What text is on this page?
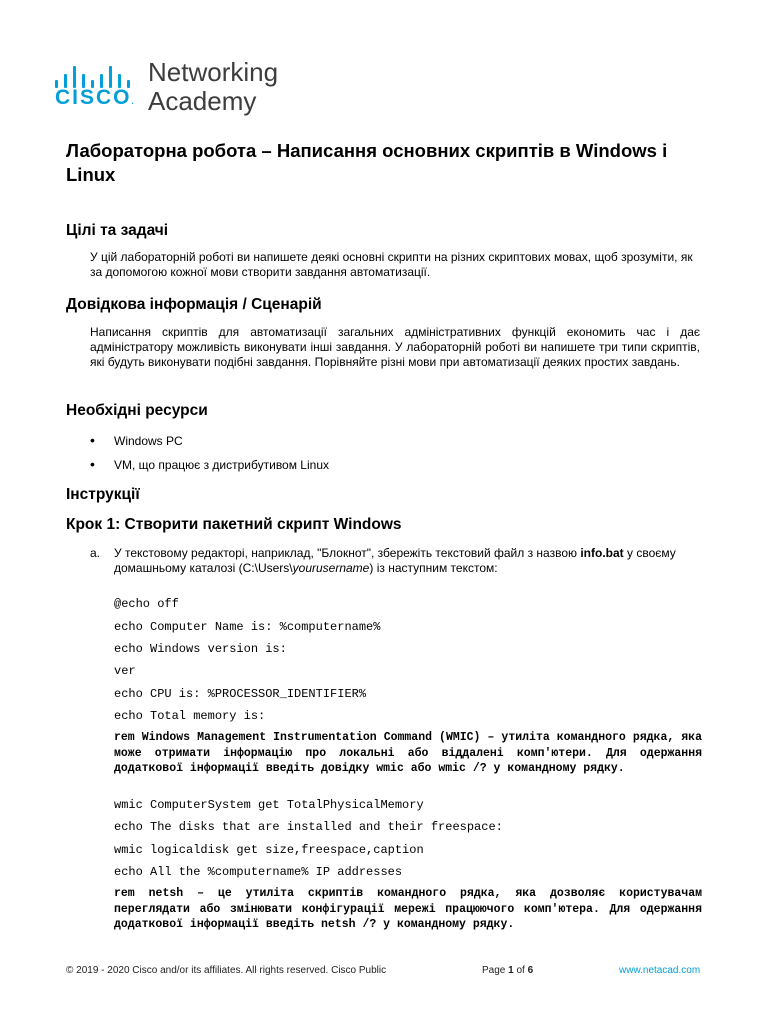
CISCO.
Networking
Academy
Лабораторна робота – Написання основних скриптів в Windows і Linux
Цілі та задачі

У цій лабораторній роботі ви напишете деякі основні скрипти на різних скриптових мовах, щоб зрозуміти, як за допомогою кожної мови створити завдання автоматизації.

Довідкова інформація / Сценарій

Написання скриптів для автоматизації загальних адміністративних функцій економить час і дає адміністратору можливість виконувати інші завдання. У лабораторній роботі ви напишете три типи скриптів, які будуть виконувати подібні завдання. Порівняйте різні мови при автоматизації деяких простих завдань.

Необхідні ресурси
• Windows PC
• VM, що працює з дистрибутивом Linux
Інструкції
Крок 1: Створити пакетний скрипт Windows
a. У текстовому редакторі, наприклад, "Блокнот", збережіть текстовий файл з назвою info.bat у своєму домашньому каталозі (C:\Users\yourusername) із наступним текстом:
@echo off
echo Computer Name is: %computername%
echo Windows version is:
ver
echo CPU is: %PROCESSOR_IDENTIFIER%
echo Total memory is:

rem Windows Management Instrumentation Command (WMIC) – утиліта командного рядка, яка може отримати інформацію про локальні або віддалені комп'ютери. Для одержання додаткової інформації введіть довідку wmic або wmic /? у командному рядку.

wmic ComputerSystem get TotalPhysicalMemory
echo The disks that are installed and their freespace:
wmic logicaldisk get size,freespace,caption
echo All the %computername% IP addresses

rem netsh – це утиліта скриптів командного рядка, яка дозволяє користувачам переглядати або змінювати конфігурації мережі працюючого комп'ютера. Для одержання додаткової інформації введіть netsh /? у командному рядку.

© 2019 - 2020 Cisco and/or its affiliates. All rights reserved. Cisco Public	Page 1 of 6	www.netacad.com
